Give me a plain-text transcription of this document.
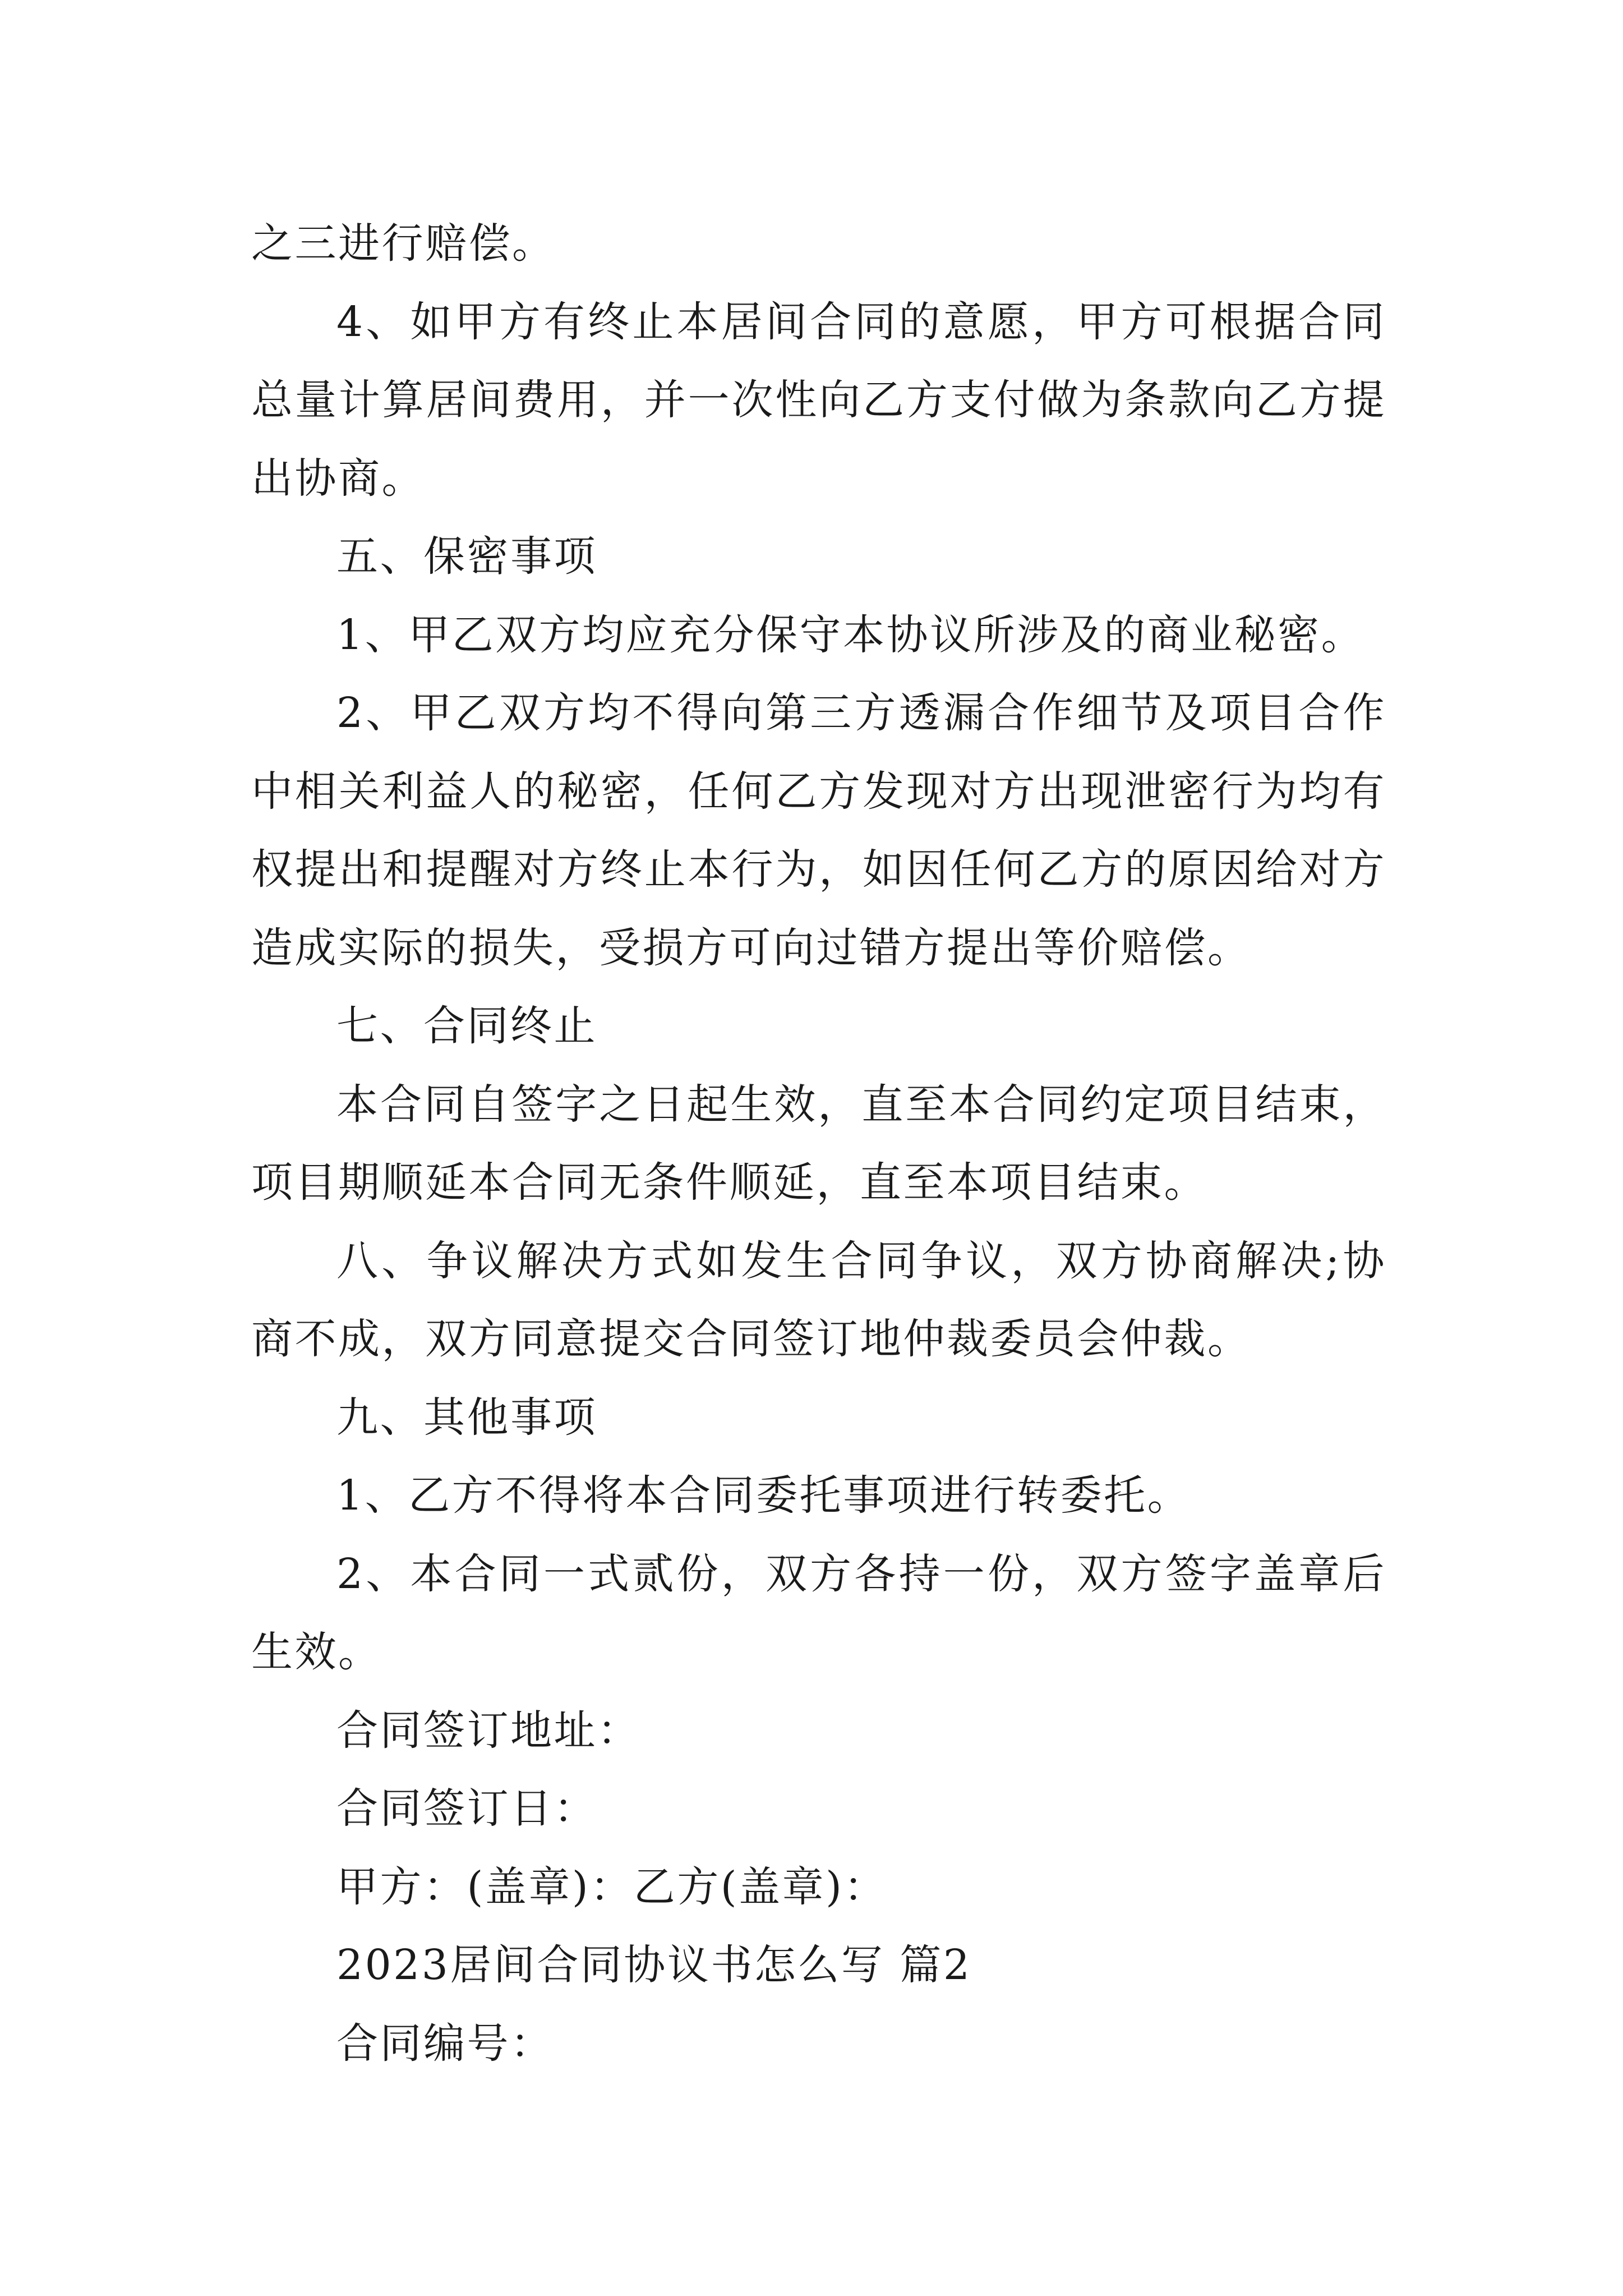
之三进行赔偿。

4、如甲方有终止本居间合同的意愿，甲方可根据合同总量计算居间费用，并一次性向乙方支付做为条款向乙方提出协商。

五、保密事项

1、甲乙双方均应充分保守本协议所涉及的商业秘密。

2、甲乙双方均不得向第三方透漏合作细节及项目合作中相关利益人的秘密，任何乙方发现对方出现泄密行为均有权提出和提醒对方终止本行为，如因任何乙方的原因给对方造成实际的损失，受损方可向过错方提出等价赔偿。

七、合同终止

本合同自签字之日起生效，直至本合同约定项目结束，项目期顺延本合同无条件顺延，直至本项目结束。

八、争议解决方式如发生合同争议，双方协商解决;协商不成，双方同意提交合同签订地仲裁委员会仲裁。

九、其他事项

1、乙方不得将本合同委托事项进行转委托。

2、本合同一式贰份，双方各持一份，双方签字盖章后生效。

合同签订地址：

合同签订日：

甲方：(盖章)：乙方(盖章)：

2023居间合同协议书怎么写 篇2

合同编号：
